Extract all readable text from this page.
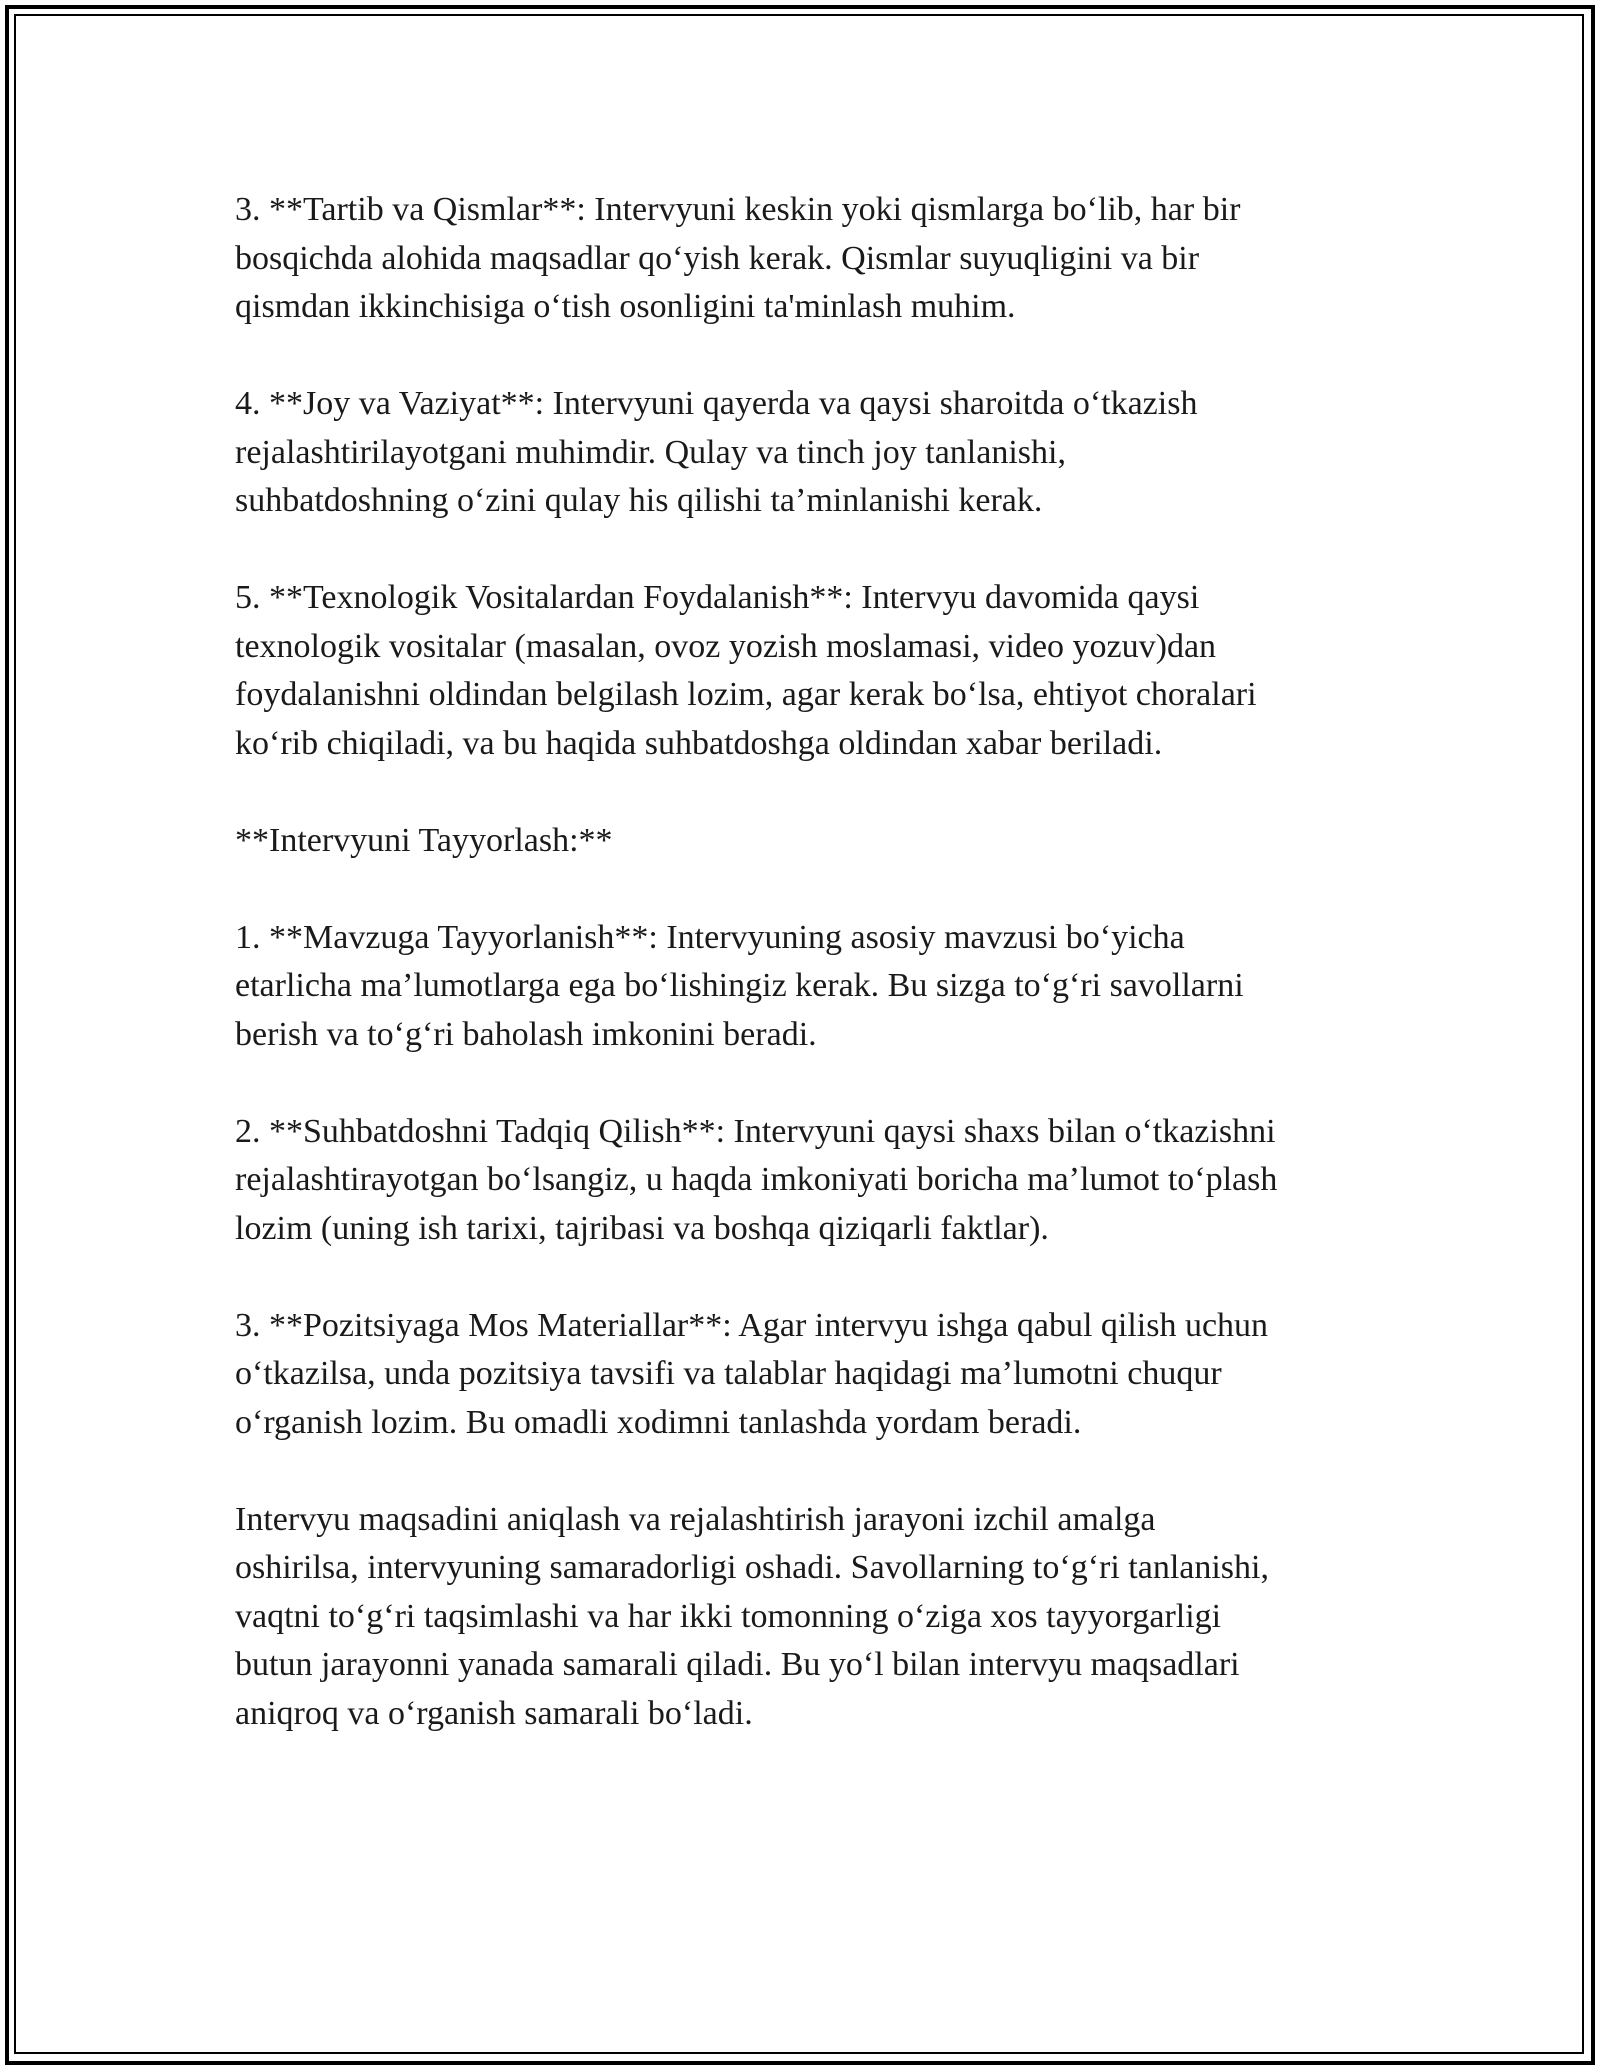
3. **Tartib va Qismlar**: Intervyuni keskin yoki qismlarga bo‘lib, har bir
bosqichda alohida maqsadlar qo‘yish kerak. Qismlar suyuqligini va bir
qismdan ikkinchisiga o‘tish osonligini ta'minlash muhim.

4. **Joy va Vaziyat**: Intervyuni qayerda va qaysi sharoitda o‘tkazish
rejalashtirilayotgani muhimdir. Qulay va tinch joy tanlanishi,
suhbatdoshning o‘zini qulay his qilishi ta’minlanishi kerak.

5. **Texnologik Vositalardan Foydalanish**: Intervyu davomida qaysi
texnologik vositalar (masalan, ovoz yozish moslamasi, video yozuv)dan
foydalanishni oldindan belgilash lozim, agar kerak bo‘lsa, ehtiyot choralari
ko‘rib chiqiladi, va bu haqida suhbatdoshga oldindan xabar beriladi.

**Intervyuni Tayyorlash:**

1. **Mavzuga Tayyorlanish**: Intervyuning asosiy mavzusi bo‘yicha
etarlicha ma’lumotlarga ega bo‘lishingiz kerak. Bu sizga to‘g‘ri savollarni
berish va to‘g‘ri baholash imkonini beradi.

2. **Suhbatdoshni Tadqiq Qilish**: Intervyuni qaysi shaxs bilan o‘tkazishni
rejalashtirayotgan bo‘lsangiz, u haqda imkoniyati boricha ma’lumot to‘plash
lozim (uning ish tarixi, tajribasi va boshqa qiziqarli faktlar).

3. **Pozitsiyaga Mos Materiallar**: Agar intervyu ishga qabul qilish uchun
o‘tkazilsa, unda pozitsiya tavsifi va talablar haqidagi ma’lumotni chuqur
o‘rganish lozim. Bu omadli xodimni tanlashda yordam beradi.

Intervyu maqsadini aniqlash va rejalashtirish jarayoni izchil amalga
oshirilsa, intervyuning samaradorligi oshadi. Savollarning to‘g‘ri tanlanishi,
vaqtni to‘g‘ri taqsimlashi va har ikki tomonning o‘ziga xos tayyorgarligi
butun jarayonni yanada samarali qiladi. Bu yo‘l bilan intervyu maqsadlari
aniqroq va o‘rganish samarali bo‘ladi.
